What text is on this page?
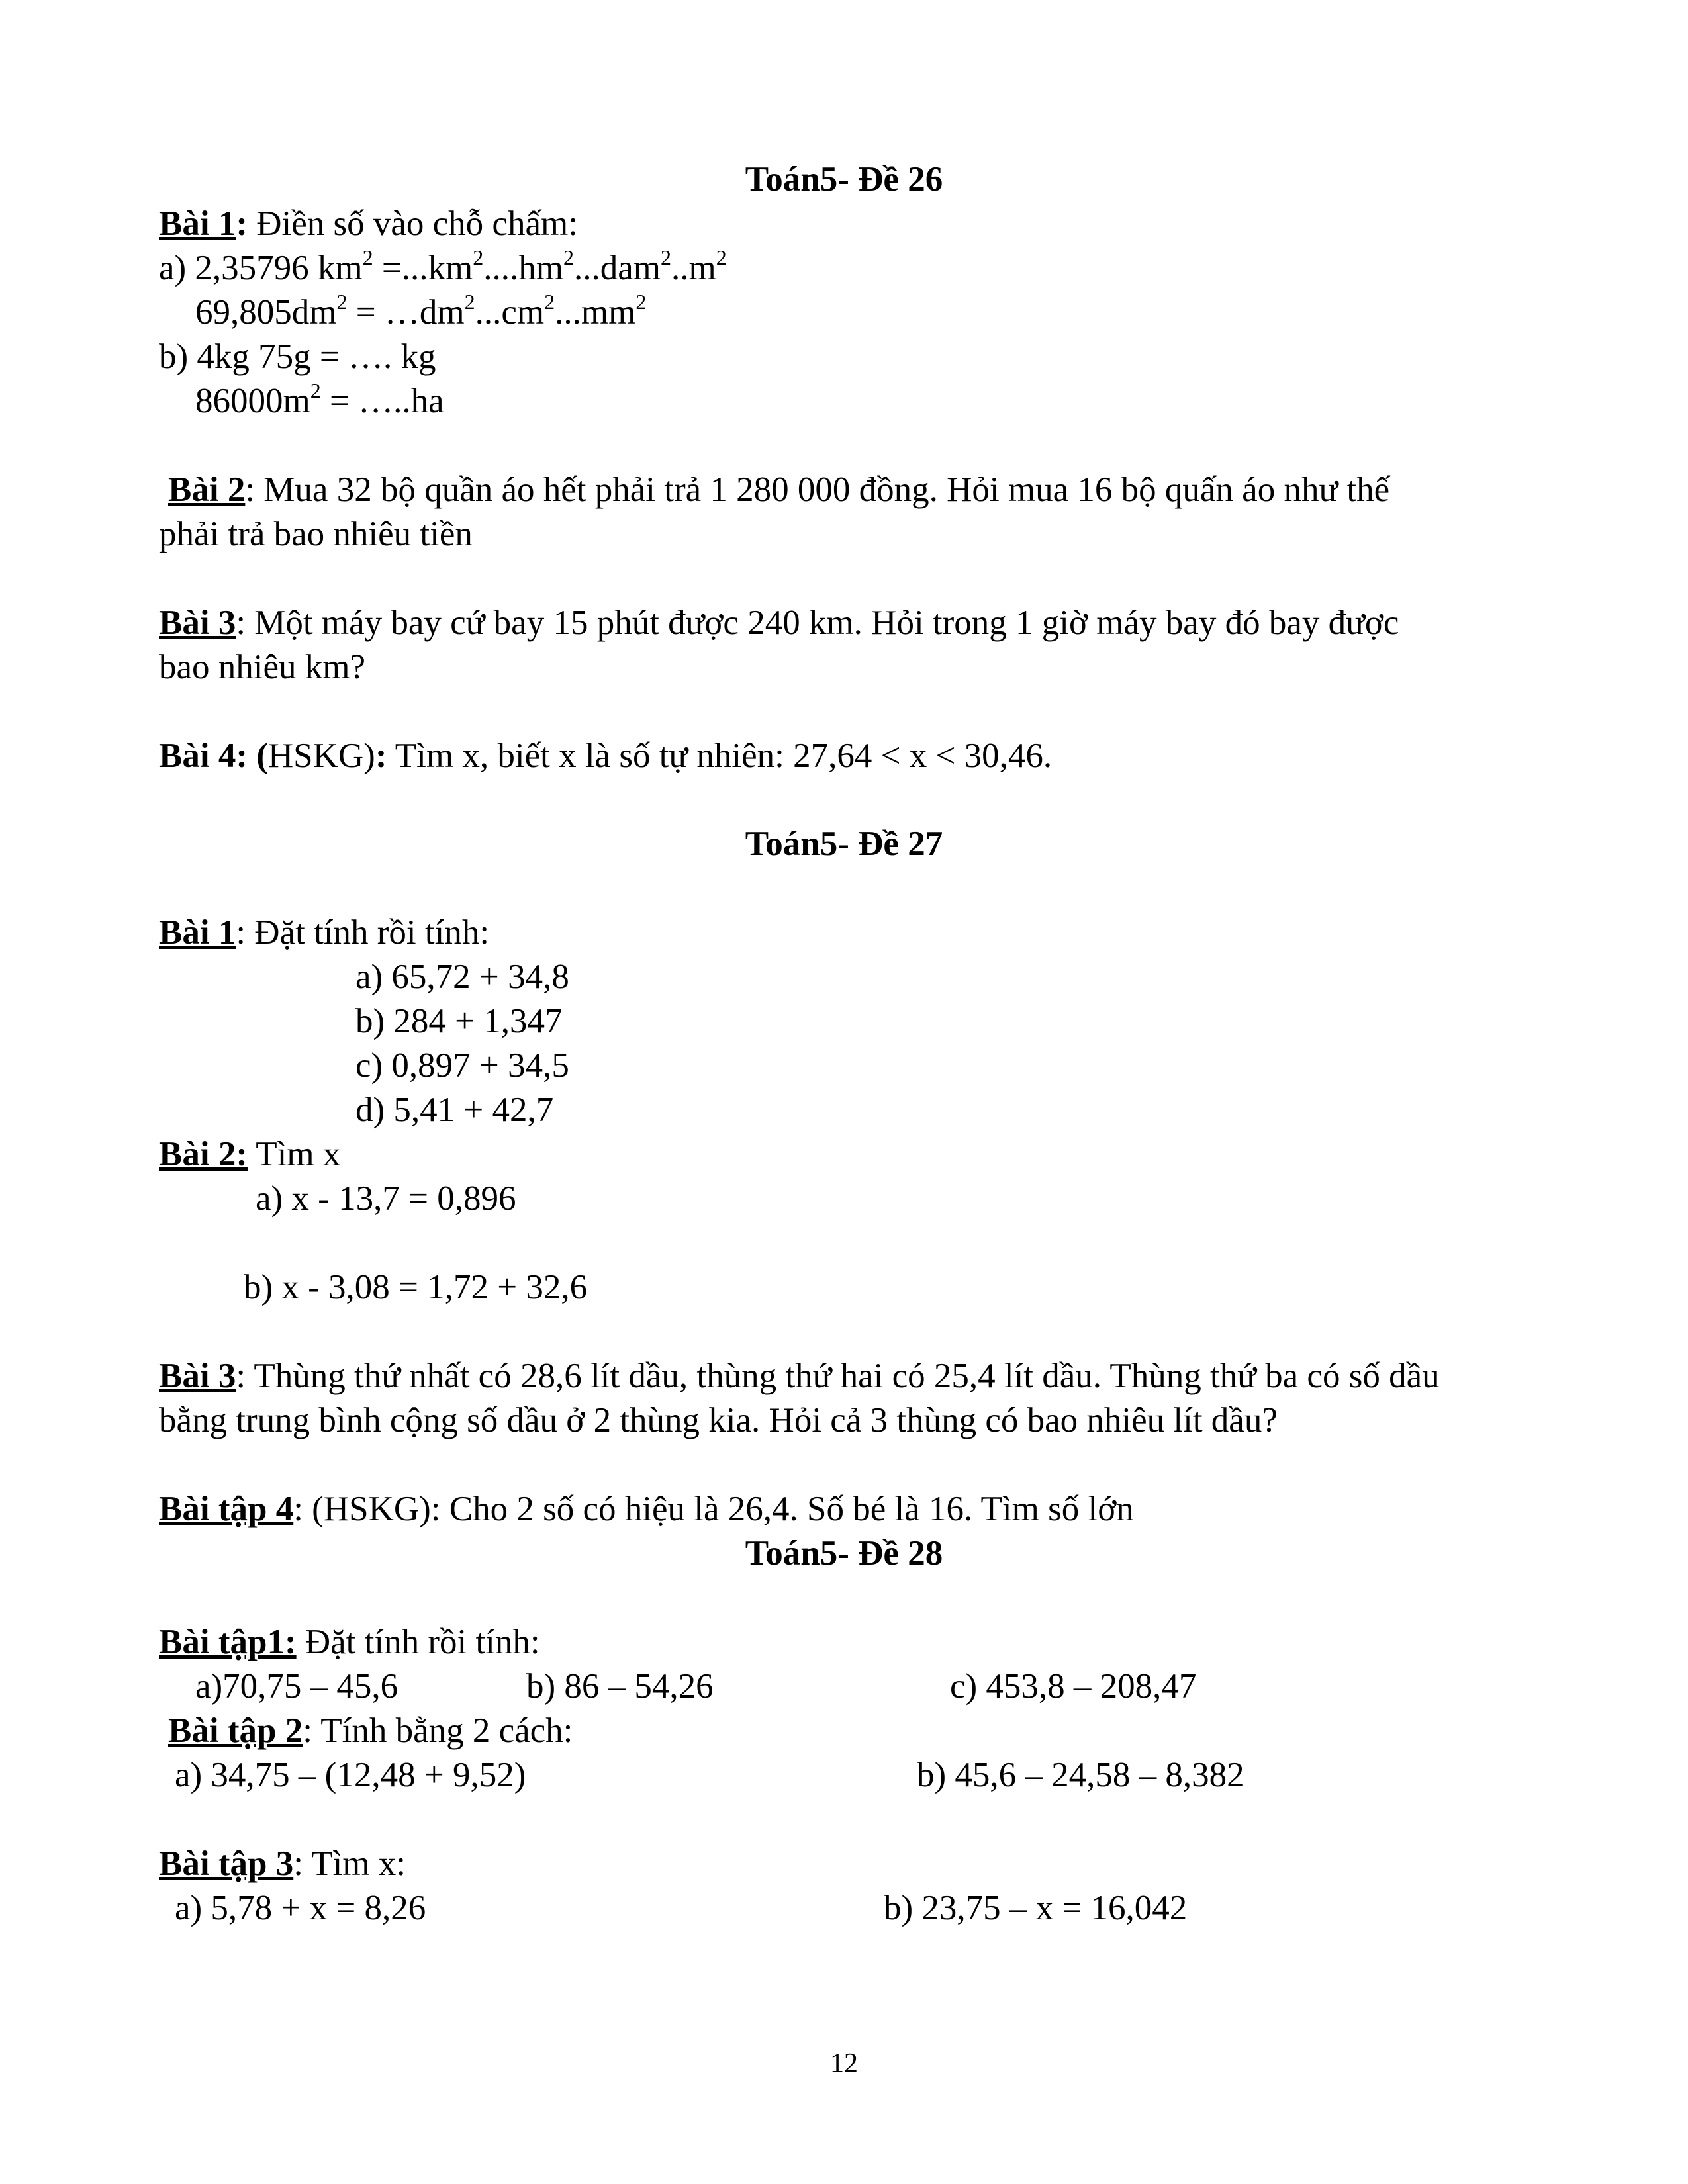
Toán5- Đề 26
Bài 1: Điền số vào chỗ chấm:
a) 2,35796 $km^2 =...km^2....hm^2...dam^2..m^2$
$69,805dm^2$ = $\dots dm^2...cm^2...mm^2$
b) 4kg 75g = …. kg
$86000m^2$ = …..ha
Bài 2: Mua 32 bộ quần áo hết phải trả 1 280 000 đồng. Hỏi mua 16 bộ quấn áo như thế
phải trả bao nhiêu tiền
Bài 3: Một máy bay cứ bay 15 phút được 240 km. Hỏi trong 1 giờ máy bay đó bay được
bao nhiêu km?
Bài 4: (HSKG): Tìm x, biết x là số tự nhiên: 27,64 < x < 30,46.
Toán5- Đề 27
Bài 1: Đặt tính rồi tính:
a) 65,72 + 34,8
b) 284 + 1,347
c) 0,897 + 34,5
d) 5,41 + 42,7
Bài 2: Tìm x
a) x - 13,7 = 0,896
b) x - 3,08 = 1,72 + 32,6
Bài 3: Thùng thứ nhất có 28,6 lít dầu, thùng thứ hai có 25,4 lít dầu. Thùng thứ ba có số dầu
bằng trung bình cộng số dầu ở 2 thùng kia. Hỏi cả 3 thùng có bao nhiêu lít dầu?
Bài tập 4: (HSKG): Cho 2 số có hiệu là 26,4. Số bé là 16. Tìm số lớn
Toán5- Đề 28
Bài tập1: Đặt tính rồi tính:
a)70,75 – 45,6	b) 86 – 54,26	c) 453,8 – 208,47
Bài tập 2: Tính bằng 2 cách:
a) 34,75 – (12,48 + 9,52)	b) 45,6 – 24,58 – 8,382
Bài tập 3: Tìm x:
a) 5,78 + x = 8,26	b) 23,75 – x = 16,042
12
